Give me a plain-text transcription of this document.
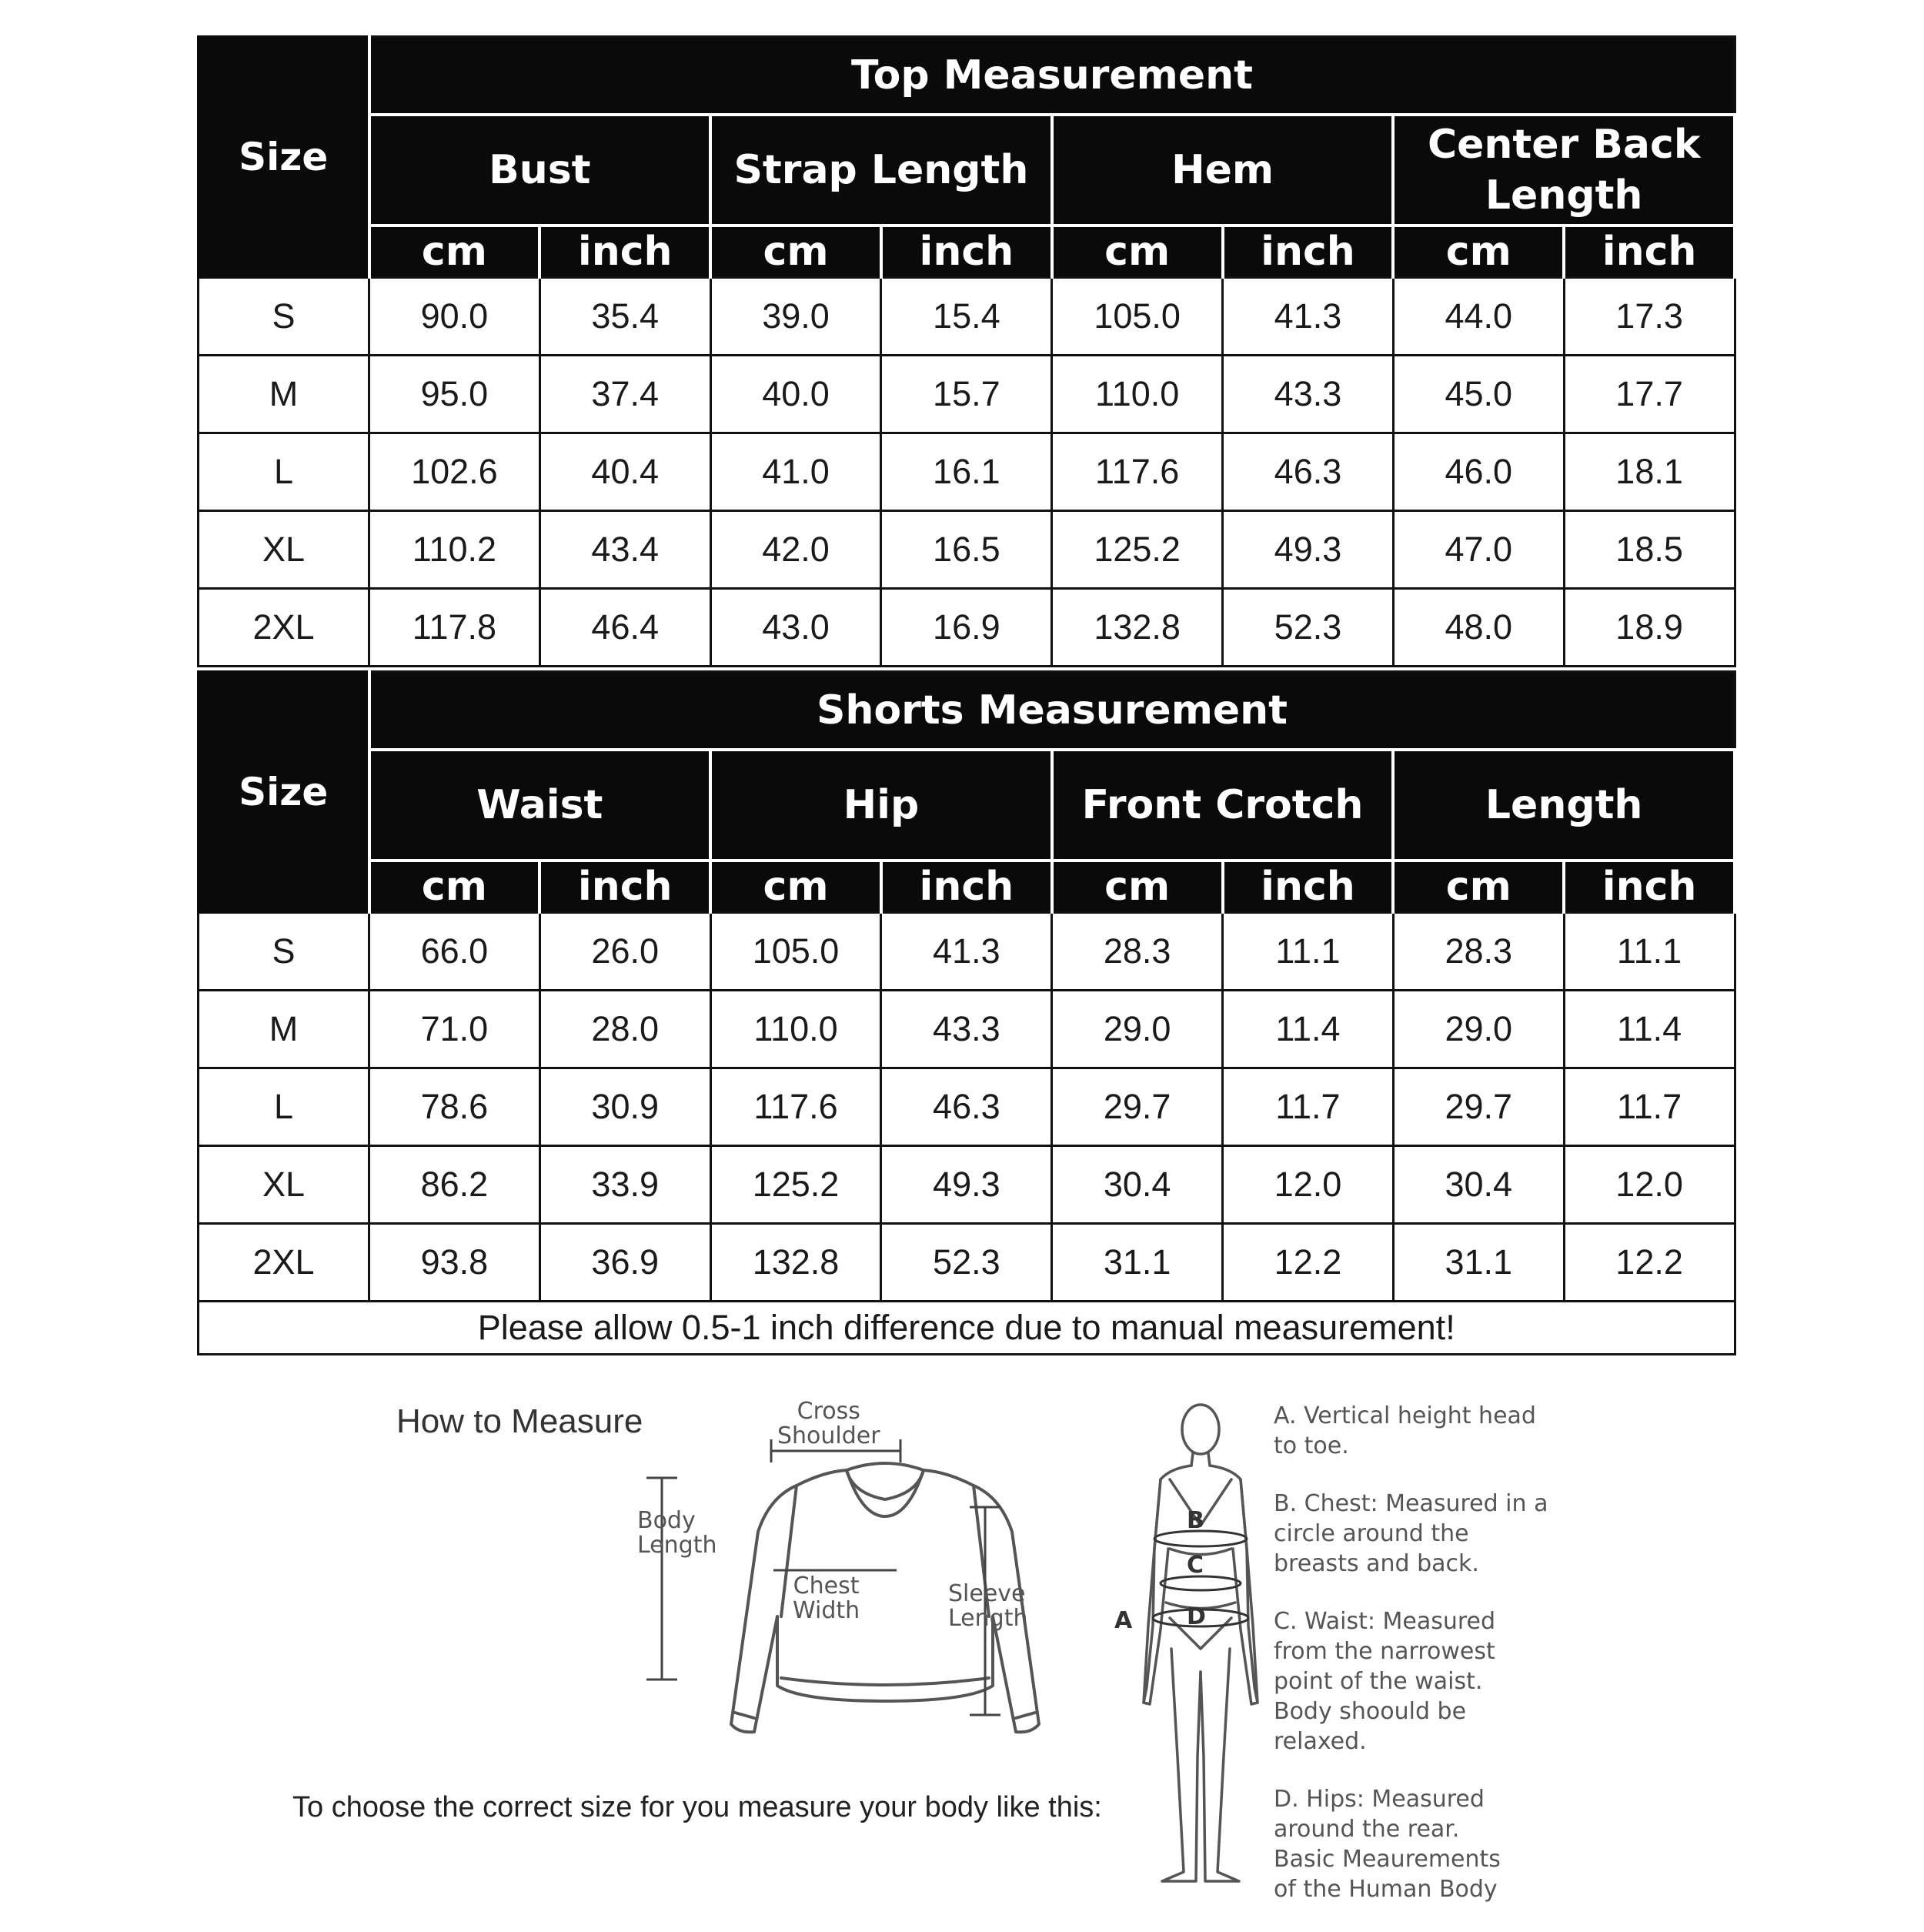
Size	Top Measurement							
	Bust		Strap Length		Hem		Center Back Length	
	cm	inch	cm	inch	cm	inch	cm	inch
S	90.0	35.4	39.0	15.4	105.0	41.3	44.0	17.3
M	95.0	37.4	40.0	15.7	110.0	43.3	45.0	17.7
L	102.6	40.4	41.0	16.1	117.6	46.3	46.0	18.1
XL	110.2	43.4	42.0	16.5	125.2	49.3	47.0	18.5
2XL	117.8	46.4	43.0	16.9	132.8	52.3	48.0	18.9
Size	Shorts Measurement							
	Waist		Hip		Front Crotch		Length	
	cm	inch	cm	inch	cm	inch	cm	inch
S	66.0	26.0	105.0	41.3	28.3	11.1	28.3	11.1
M	71.0	28.0	110.0	43.3	29.0	11.4	29.0	11.4
L	78.6	30.9	117.6	46.3	29.7	11.7	29.7	11.7
XL	86.2	33.9	125.2	49.3	30.4	12.0	30.4	12.0
2XL	93.8	36.9	132.8	52.3	31.1	12.2	31.1	12.2
Please allow 0.5-1 inch difference due to manual measurement!								
How to Measure	Cross
Shoulder
Body
Length
Chest
Width
Sleeve
Length
B
C
D
A
A. Vertical height head
to toe.
B. Chest: Measured in a
circle around the
breasts and back.
C. Waist: Measured
from the narrowest
point of the waist.
Body shoould be
relaxed.
D. Hips: Measured
around the rear.
Basic Meaurements
of the Human Body
To choose the correct size for you measure your body like this:
